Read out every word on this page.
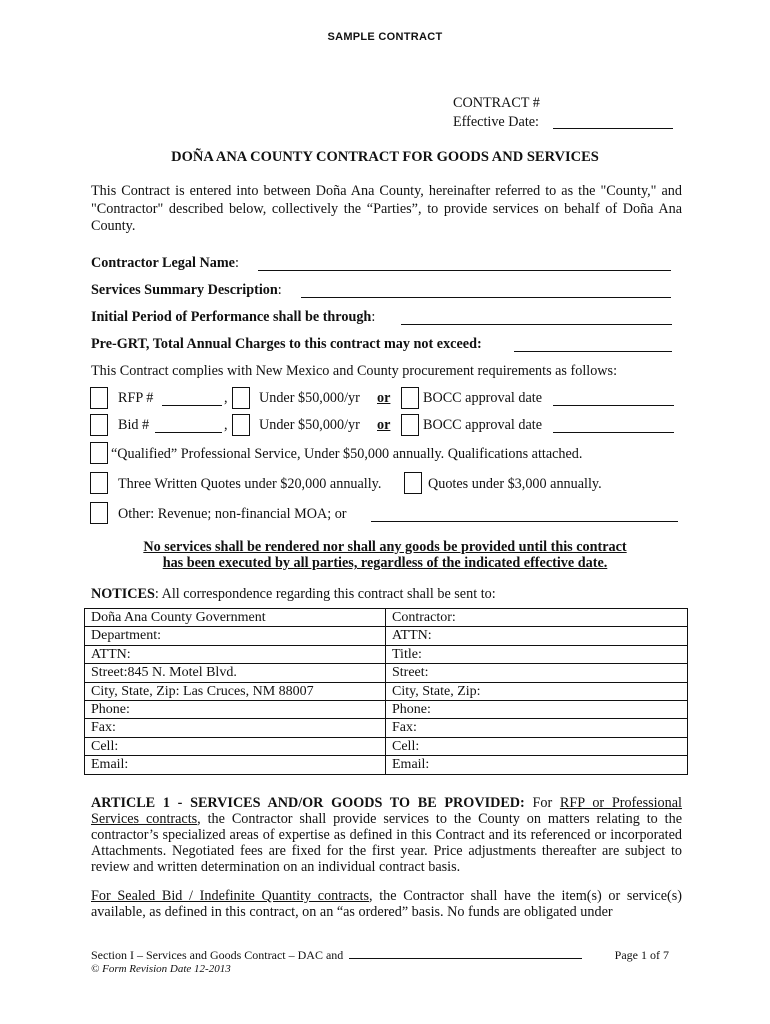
SAMPLE CONTRACT
CONTRACT #
Effective Date:
DOÑA ANA COUNTY CONTRACT FOR GOODS AND SERVICES
This Contract is entered into between Doña Ana County, hereinafter referred to as the "County," and "Contractor" described below, collectively the “Parties”, to provide services on behalf of Doña Ana County.
Contractor Legal Name:
Services Summary Description:
Initial Period of Performance shall be through:
Pre-GRT, Total Annual Charges to this contract may not exceed:
This Contract complies with New Mexico and County procurement requirements as follows:
RFP #	, Under $50,000/yr or BOCC approval date
Bid #	, Under $50,000/yr or BOCC approval date
“Qualified” Professional Service, Under $50,000 annually. Qualifications attached.
Three Written Quotes under $20,000 annually.	Quotes under $3,000 annually.
Other: Revenue; non-financial MOA; or
No services shall be rendered nor shall any goods be provided until this contract
has been executed by all parties, regardless of the indicated effective date.
NOTICES: All correspondence regarding this contract shall be sent to:
Doña Ana County Government	Contractor:
Department:	ATTN:
ATTN:	Title:
Street:845 N. Motel Blvd.	Street:
City, State, Zip: Las Cruces, NM 88007	City, State, Zip:
Phone:	Phone:
Fax:	Fax:
Cell:	Cell:
Email:	Email:
ARTICLE 1 - SERVICES AND/OR GOODS TO BE PROVIDED: For RFP or Professional Services contracts, the Contractor shall provide services to the County on matters relating to the contractor’s specialized areas of expertise as defined in this Contract and its referenced or incorporated Attachments. Negotiated fees are fixed for the first year. Price adjustments thereafter are subject to review and written determination on an individual contract basis.
For Sealed Bid / Indefinite Quantity contracts, the Contractor shall have the item(s) or service(s) available, as defined in this contract, on an “as ordered” basis. No funds are obligated under
Section I – Services and Goods Contract – DAC and	Page 1 of 7
© Form Revision Date 12-2013
